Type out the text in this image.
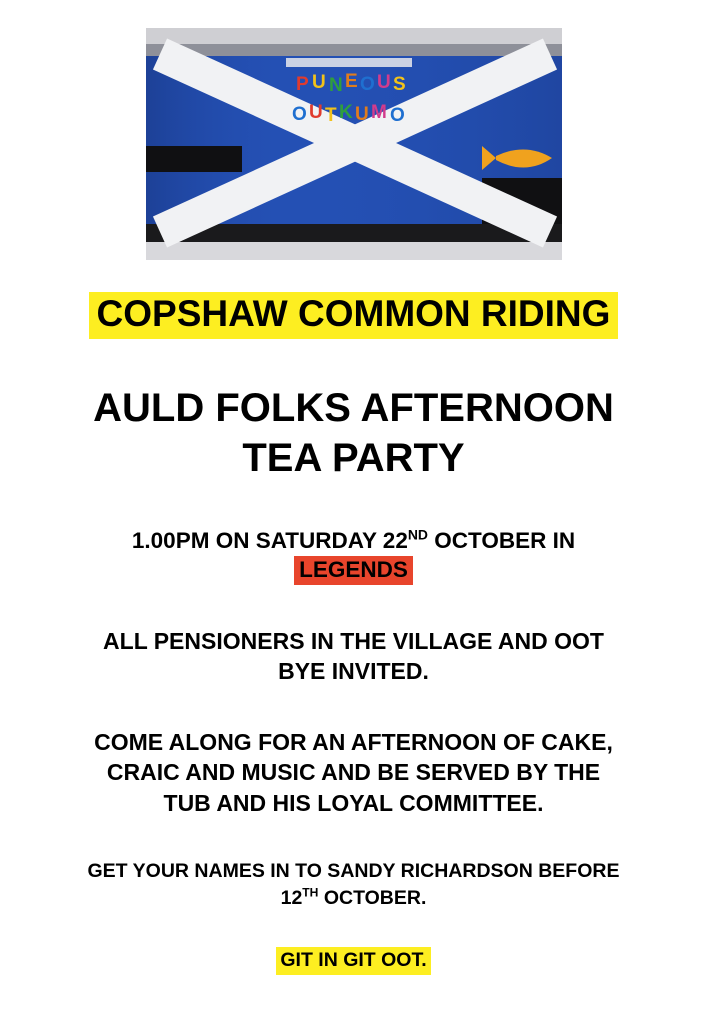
P U N E O U S
O U T K U M O
COPSHAW COMMON RIDING
AULD FOLKS AFTERNOON
TEA PARTY
1.00PM ON SATURDAY 22ND OCTOBER IN
LEGENDS
ALL PENSIONERS IN THE VILLAGE AND OOT
BYE INVITED.
COME ALONG FOR AN AFTERNOON OF CAKE,
CRAIC AND MUSIC AND BE SERVED BY THE
TUB AND HIS LOYAL COMMITTEE.
GET YOUR NAMES IN TO SANDY RICHARDSON BEFORE
12TH OCTOBER.
GIT IN GIT OOT.
